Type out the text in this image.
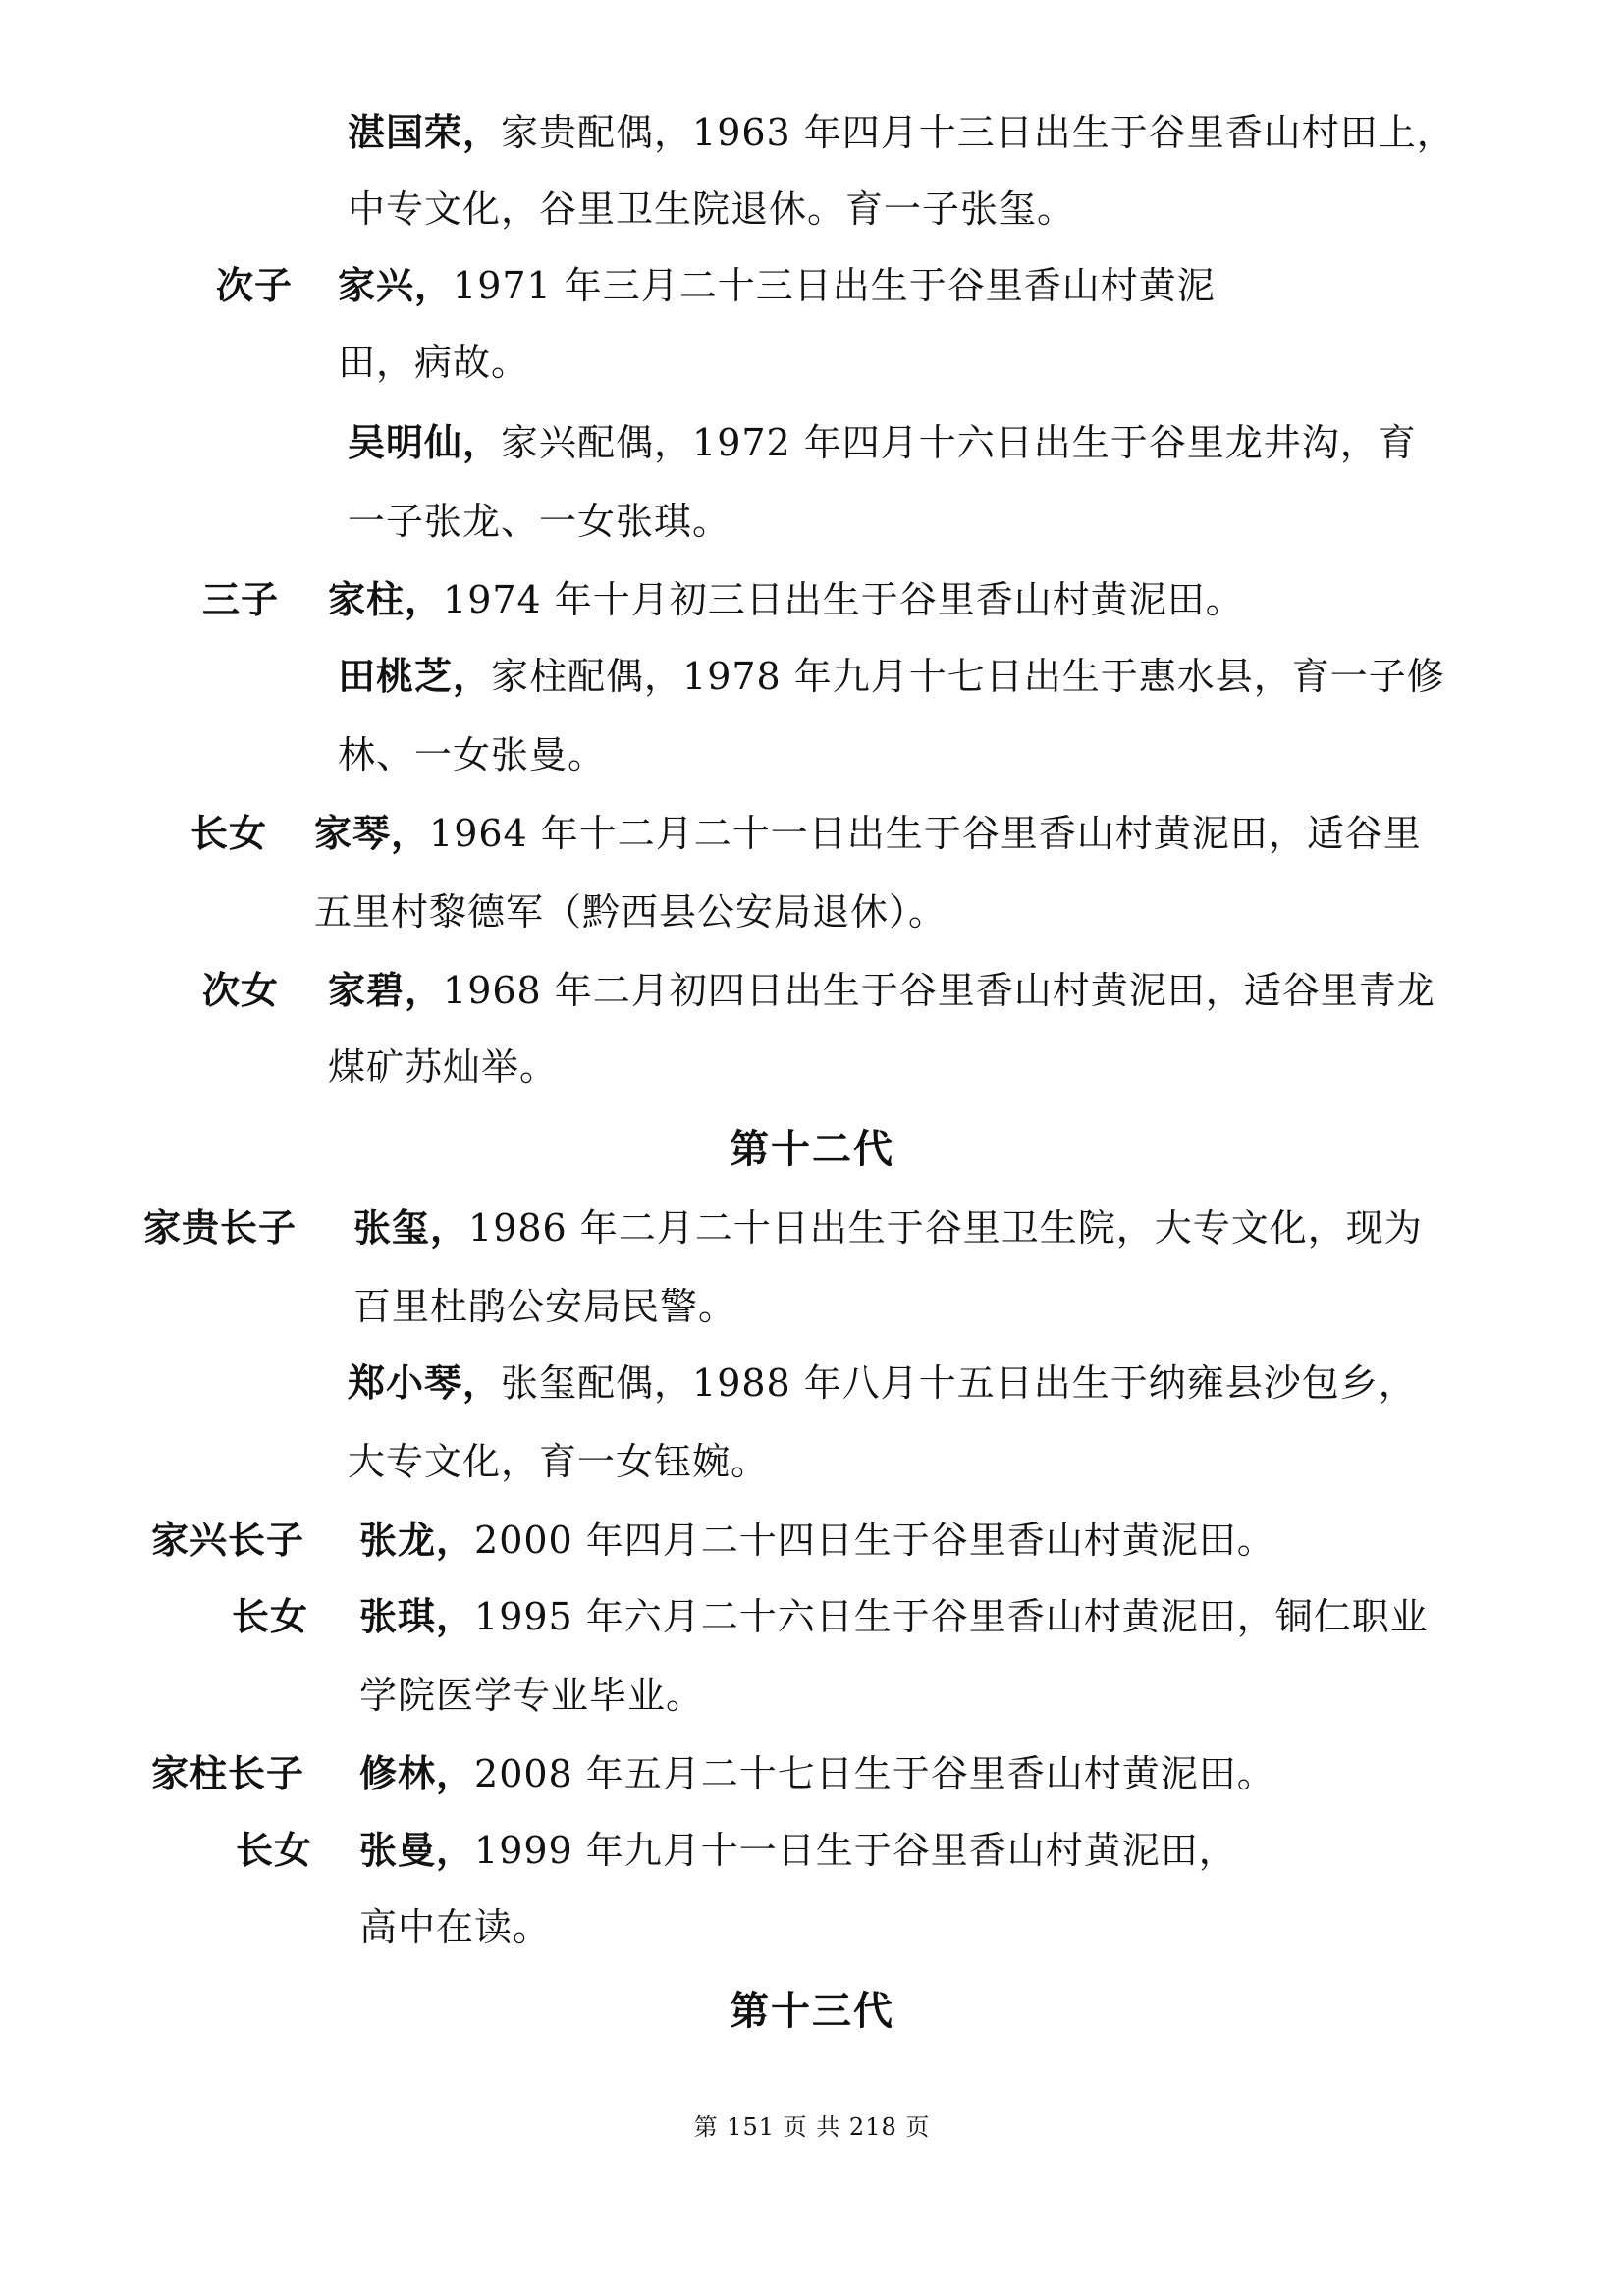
湛国荣，家贵配偶，1963 年四月十三日出生于谷里香山村田上，
中专文化，谷里卫生院退休。育一子张玺。
次子 家兴，1971 年三月二十三日出生于谷里香山村黄泥
田，病故。
吴明仙，家兴配偶，1972 年四月十六日出生于谷里龙井沟，育
一子张龙、一女张琪。
三子 家柱，1974 年十月初三日出生于谷里香山村黄泥田。
田桃芝，家柱配偶，1978 年九月十七日出生于惠水县，育一子修
林、一女张曼。
长女 家琴，1964 年十二月二十一日出生于谷里香山村黄泥田，适谷里
五里村黎德军（黔西县公安局退休）。
次女 家碧，1968 年二月初四日出生于谷里香山村黄泥田，适谷里青龙
煤矿苏灿举。
第十二代
家贵长子 张玺，1986 年二月二十日出生于谷里卫生院，大专文化，现为
百里杜鹃公安局民警。
郑小琴，张玺配偶，1988 年八月十五日出生于纳雍县沙包乡，
大专文化，育一女钰婉。
家兴长子 张龙，2000 年四月二十四日生于谷里香山村黄泥田。
长女 张琪，1995 年六月二十六日生于谷里香山村黄泥田，铜仁职业
学院医学专业毕业。
家柱长子 修林，2008 年五月二十七日生于谷里香山村黄泥田。
长女 张曼，1999 年九月十一日生于谷里香山村黄泥田，
高中在读。
第十三代
第 151 页 共 218 页
